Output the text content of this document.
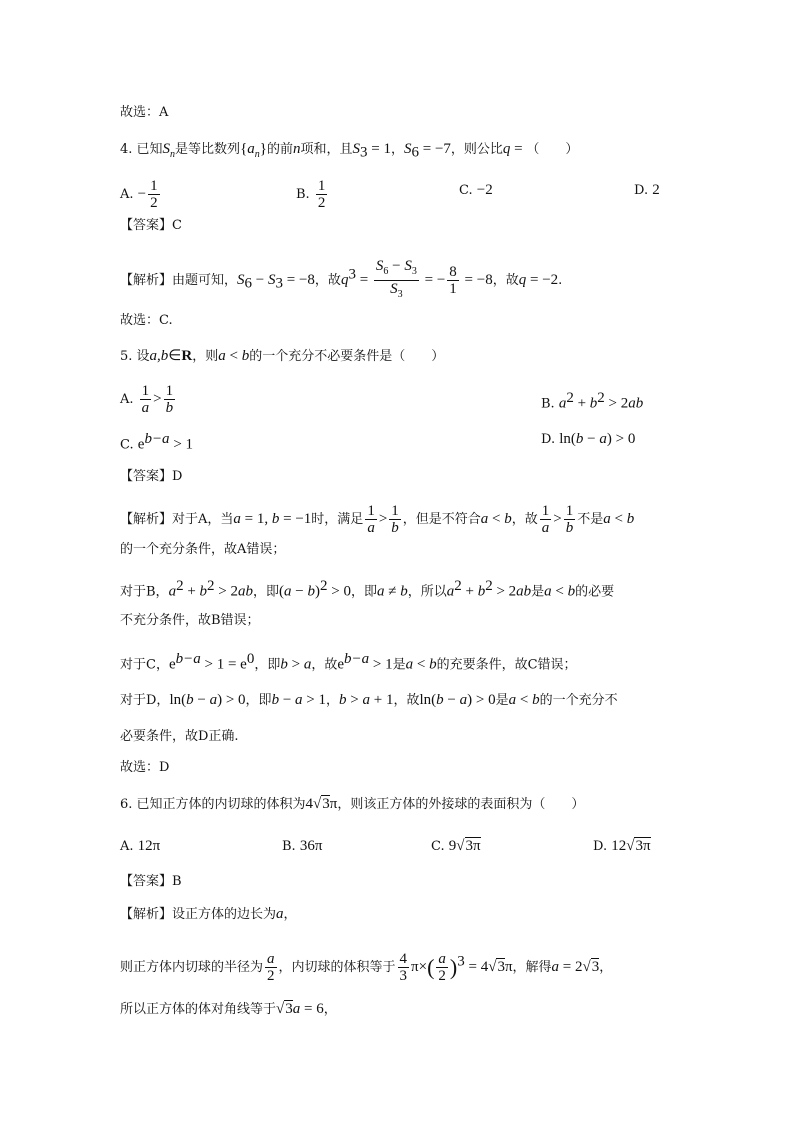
故选：A
4. 已知$S_n$是等比数列$\{a_n\}$的前n项和，且$S_3 = 1$，$S_6 = -7$，则公比q = （　　）
A. − $\frac{1}{2}$	B. $\frac{1}{2}$	C. −2	D. 2
【答案】C
【解析】由题可知，$S_6 - S_3 = -8$，故$q^3 = \frac{S_6 - S_3}{S_3}$ = − $\frac{8}{1} = -8$，故q = −2.
故选：C.
5. 设a,b∈R，则a < b的一个充分不必要条件是（　　）
A. $\frac{1}{a} > \frac{1}{b}$	B. $a^2 + b^2 > 2ab$
C. $e^{b-a} > 1$	D. ln(b − a) > 0
【答案】D
【解析】对于A，当a = 1, b = −1时，满足 $\frac{1}{a} > \frac{1}{b}$ ，但是不符合a < b，故 $\frac{1}{a} > \frac{1}{b}$ 不是a < b
的一个充分条件，故A错误；
对于B，$a^2 + b^2 > 2ab$，即$(a - b)^2 > 0$，即a ≠ b，所以$a^2 + b^2 > 2ab$是a < b的必要
不充分条件，故B错误；
对于C，$e^{b-a} > 1 = e^0$，即b > a，故$e^{b-a} > 1$是a < b的充要条件，故C错误；
对于D，ln(b − a) > 0，即b − a > 1，b > a + 1，故ln(b − a) > 0是a < b的一个充分不
必要条件，故D正确.
故选：D
6. 已知正方体的内切球的体积为4√3π，则该正方体的外接球的表面积为（　　）
A. 12π	B. 36π	C. 9√3π	D. 12√3π
【答案】B
【解析】设正方体的边长为a，
则正方体内切球的半径为 $\frac{a}{2}$ ，内切球的体积等于 $\frac{4}{3} \pi\times( \frac{a}{2} )^3 = 4√3\pi$，解得a = 2√3，
所以正方体的体对角线等于√3a = 6，
